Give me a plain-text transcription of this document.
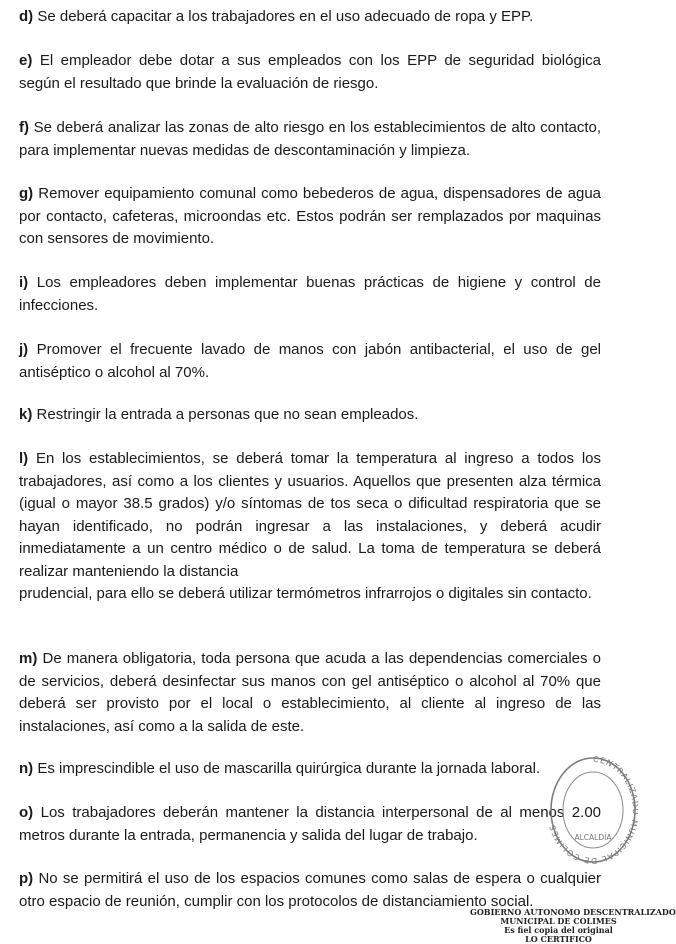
d) Se deberá capacitar a los trabajadores en el uso adecuado de ropa y EPP.

e) El empleador debe dotar a sus empleados con los EPP de seguridad biológica según el resultado que brinde la evaluación de riesgo.

f) Se deberá analizar las zonas de alto riesgo en los establecimientos de alto contacto, para implementar nuevas medidas de descontaminación y limpieza.

g) Remover equipamiento comunal como bebederos de agua, dispensadores de agua por contacto, cafeteras, microondas etc. Estos podrán ser remplazados por maquinas con sensores de movimiento.

i) Los empleadores deben implementar buenas prácticas de higiene y control de infecciones.

j) Promover el frecuente lavado de manos con jabón antibacterial, el uso de gel antiséptico o alcohol al 70%.

k) Restringir la entrada a personas que no sean empleados.

l) En los establecimientos, se deberá tomar la temperatura al ingreso a todos los trabajadores, así como a los clientes y usuarios. Aquellos que presenten alza térmica (igual o mayor 38.5 grados) y/o síntomas de tos seca o dificultad respiratoria que se hayan identificado, no podrán ingresar a las instalaciones, y deberá acudir inmediatamente a un centro médico o de salud. La toma de temperatura se deberá realizar manteniendo la distancia
prudencial, para ello se deberá utilizar termómetros infrarrojos o digitales sin contacto.

m) De manera obligatoria, toda persona que acuda a las dependencias comerciales o de servicios, deberá desinfectar sus manos con gel antiséptico o alcohol al 70% que deberá ser provisto por el local o establecimiento, al cliente al ingreso de las instalaciones, así como a la salida de este.

n) Es imprescindible el uso de mascarilla quirúrgica durante la jornada laboral.

o) Los trabajadores deberán mantener la distancia interpersonal de al menos 2.00 metros durante la entrada, permanencia y salida del lugar de trabajo.

p) No se permitirá el uso de los espacios comunes como salas de espera o cualquier otro espacio de reunión, cumplir con los protocolos de distanciamiento social.

CENTRALIZ UNICIPAL DE COLIMES
ALCALDÍA
GOBIERNO AUTONOMO DESCENTRALIZADO
MUNICIPAL DE COLIMES
Es fiel copia del original
LO CERTIFICO
